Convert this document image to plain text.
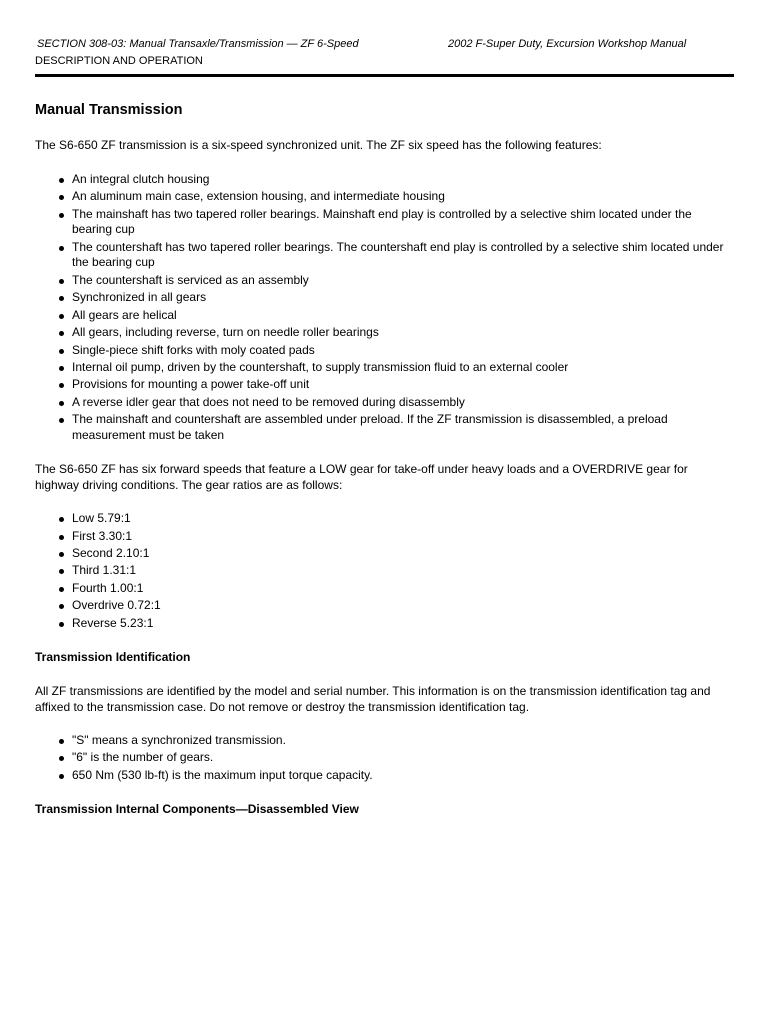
SECTION 308-03: Manual Transaxle/Transmission — ZF 6-Speed	2002 F-Super Duty, Excursion Workshop Manual
DESCRIPTION AND OPERATION
Manual Transmission

The S6-650 ZF transmission is a six-speed synchronized unit. The ZF six speed has the following features:

An integral clutch housing
An aluminum main case, extension housing, and intermediate housing
The mainshaft has two tapered roller bearings. Mainshaft end play is controlled by a selective shim located under the bearing cup
The countershaft has two tapered roller bearings. The countershaft end play is controlled by a selective shim located under the bearing cup
The countershaft is serviced as an assembly
Synchronized in all gears
All gears are helical
All gears, including reverse, turn on needle roller bearings
Single-piece shift forks with moly coated pads
Internal oil pump, driven by the countershaft, to supply transmission fluid to an external cooler
Provisions for mounting a power take-off unit
A reverse idler gear that does not need to be removed during disassembly
The mainshaft and countershaft are assembled under preload. If the ZF transmission is disassembled, a preload measurement must be taken

The S6-650 ZF has six forward speeds that feature a LOW gear for take-off under heavy loads and a OVERDRIVE gear for highway driving conditions. The gear ratios are as follows:

Low 5.79:1
First 3.30:1
Second 2.10:1
Third 1.31:1
Fourth 1.00:1
Overdrive 0.72:1
Reverse 5.23:1
Transmission Identification

All ZF transmissions are identified by the model and serial number. This information is on the transmission identification tag and affixed to the transmission case. Do not remove or destroy the transmission identification tag.

"S" means a synchronized transmission.
"6" is the number of gears.
650 Nm (530 lb-ft) is the maximum input torque capacity.
Transmission Internal Components—Disassembled View
